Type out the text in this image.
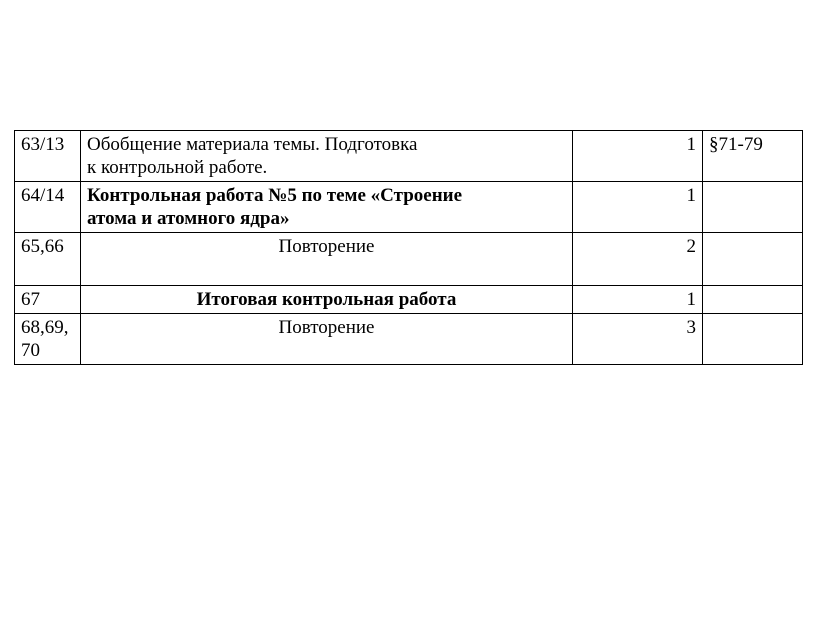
63/13	Обобщение материала темы. Подготовка
к контрольной работе.	1	§71-79
64/14	Контрольная работа №5 по теме «Строение
атома и атомного ядра»	1	
65,66	Повторение	2	
67	Итоговая контрольная работа	1	
68,69,70	Повторение	3	
